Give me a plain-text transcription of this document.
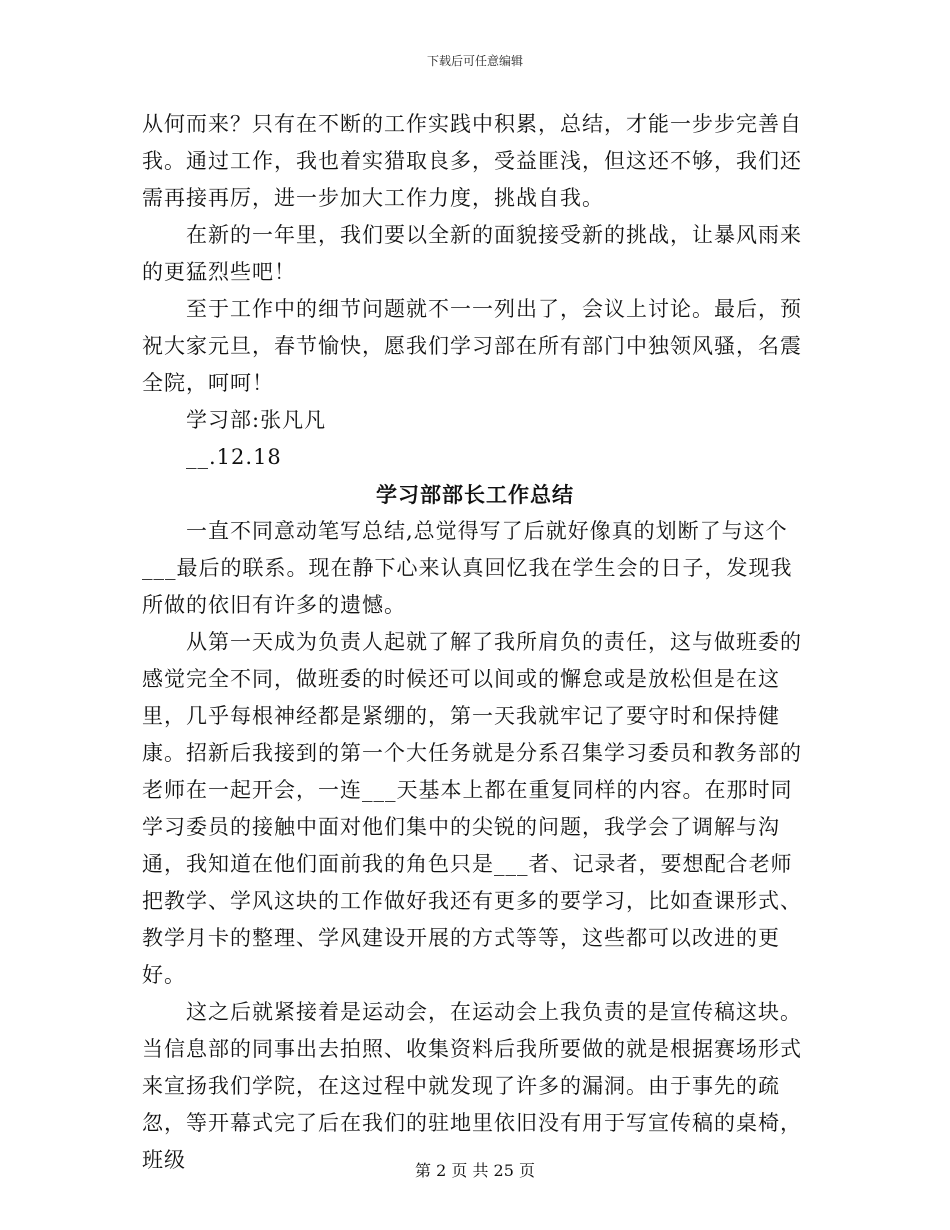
下载后可任意编辑

从何而来？只有在不断的工作实践中积累，总结，才能一步步完善自我。通过工作，我也着实猎取良多，受益匪浅，但这还不够，我们还需再接再厉，进一步加大工作力度，挑战自我。

在新的一年里，我们要以全新的面貌接受新的挑战，让暴风雨来的更猛烈些吧！

至于工作中的细节问题就不一一列出了，会议上讨论。最后，预祝大家元旦，春节愉快，愿我们学习部在所有部门中独领风骚，名震全院，呵呵！

学习部:张凡凡

__.12.18

学习部部长工作总结

一直不同意动笔写总结,总觉得写了后就好像真的划断了与这个___最后的联系。现在静下心来认真回忆我在学生会的日子，发现我所做的依旧有许多的遗憾。

从第一天成为负责人起就了解了我所肩负的责任，这与做班委的感觉完全不同，做班委的时候还可以间或的懈怠或是放松但是在这里，几乎每根神经都是紧绷的，第一天我就牢记了要守时和保持健康。招新后我接到的第一个大任务就是分系召集学习委员和教务部的老师在一起开会，一连___天基本上都在重复同样的内容。在那时同学习委员的接触中面对他们集中的尖锐的问题，我学会了调解与沟通，我知道在他们面前我的角色只是___者、记录者，要想配合老师把教学、学风这块的工作做好我还有更多的要学习，比如查课形式、教学月卡的整理、学风建设开展的方式等等，这些都可以改进的更好。

这之后就紧接着是运动会，在运动会上我负责的是宣传稿这块。当信息部的同事出去拍照、收集资料后我所要做的就是根据赛场形式来宣扬我们学院，在这过程中就发现了许多的漏洞。由于事先的疏忽，等开幕式完了后在我们的驻地里依旧没有用于写宣传稿的桌椅，班级	第 2 页 共 25 页
